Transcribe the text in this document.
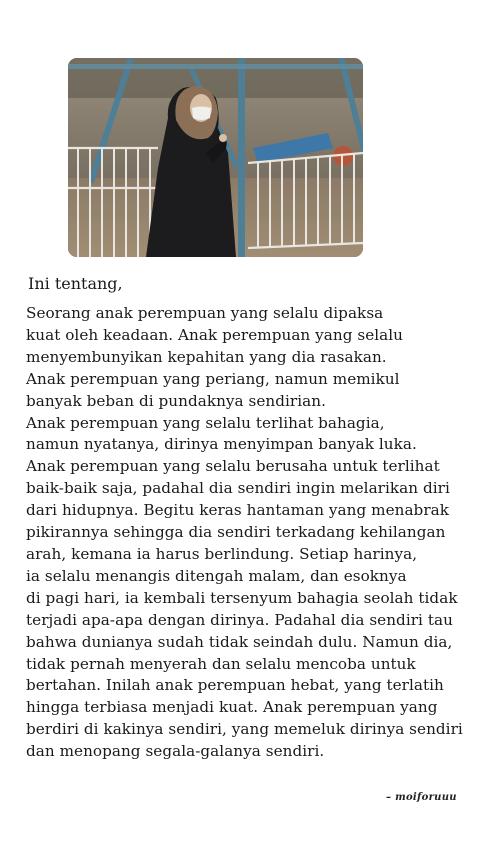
Ini tentang,
Seorang anak perempuan yang selalu dipaksa
kuat oleh keadaan. Anak perempuan yang selalu
menyembunyikan kepahitan yang dia rasakan.
Anak perempuan yang periang, namun memikul
banyak beban di pundaknya sendirian.
Anak perempuan yang selalu terlihat bahagia,
namun nyatanya, dirinya menyimpan banyak luka.
Anak perempuan yang selalu berusaha untuk terlihat
baik-baik saja, padahal dia sendiri ingin melarikan diri
dari hidupnya. Begitu keras hantaman yang menabrak
pikirannya sehingga dia sendiri terkadang kehilangan
arah, kemana ia harus berlindung. Setiap harinya,
ia selalu menangis ditengah malam, dan esoknya
di pagi hari, ia kembali tersenyum bahagia seolah tidak
terjadi apa-apa dengan dirinya. Padahal dia sendiri tau
bahwa dunianya sudah tidak seindah dulu. Namun dia,
tidak pernah menyerah dan selalu mencoba untuk
bertahan. Inilah anak perempuan hebat, yang terlatih
hingga terbiasa menjadi kuat. Anak perempuan yang
berdiri di kakinya sendiri, yang memeluk dirinya sendiri
dan menopang segala-galanya sendiri.
– moiforuuu
